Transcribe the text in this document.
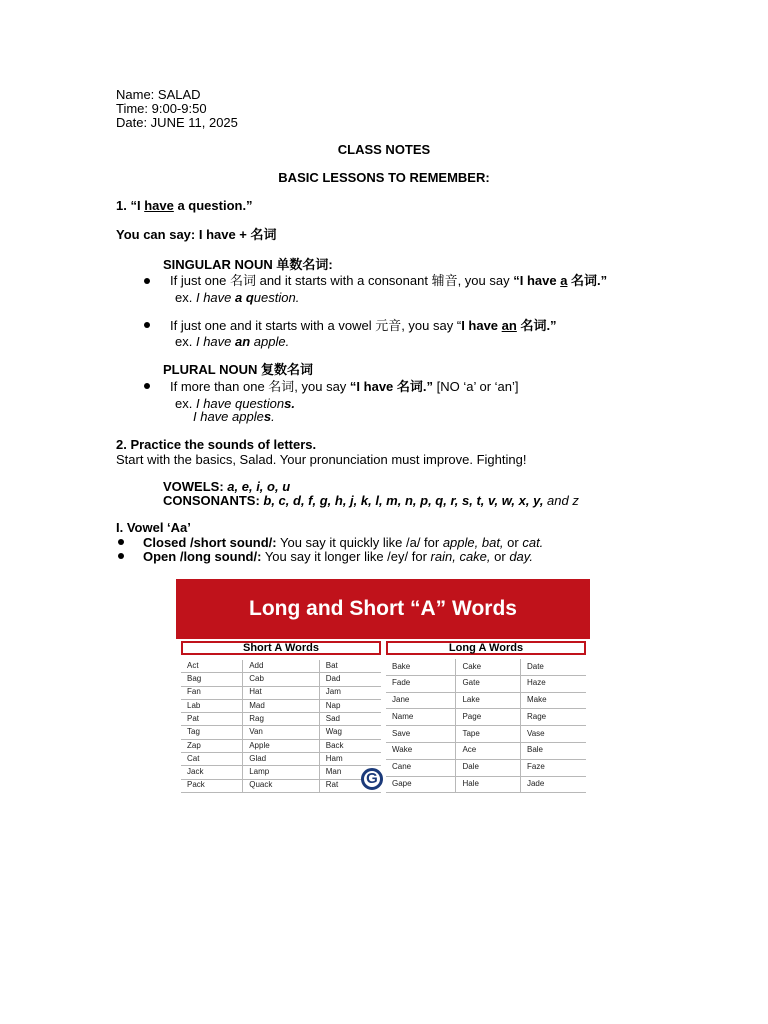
Name: SALAD
Time: 9:00-9:50
Date: JUNE 11, 2025
CLASS NOTES
BASIC LESSONS TO REMEMBER:
1. “I have a question.”
You can say: I have + 名词
SINGULAR NOUN 单数名词:
If just one 名词 and it starts with a consonant 辅音, you say “I have a 名词.”
ex. I have a question.
If just one and it starts with a vowel 元音, you say “I have an 名词.”
ex. I have an apple.
PLURAL NOUN 复数名词
If more than one 名词, you say “I have 名词.” [NO ‘a’ or ‘an’]
ex. I have questions.
I have apples.
2. Practice the sounds of letters.
Start with the basics, Salad. Your pronunciation must improve. Fighting!
VOWELS: a, e, i, o, u
CONSONANTS: b, c, d, f, g, h, j, k, l, m, n, p, q, r, s, t, v, w, x, y, and z
I. Vowel ‘Aa’
Closed /short sound/: You say it quickly like /a/ for apple, bat, or cat.
Open /long sound/: You say it longer like /ey/ for rain, cake, or day.
Long and Short “A” Words
Short A Words
Act	Add	Bat
Bag	Cab	Dad
Fan	Hat	Jam
Lab	Mad	Nap
Pat	Rag	Sad
Tag	Van	Wag
Zap	Apple	Back
Cat	Glad	Ham
Jack	Lamp	Man
Pack	Quack	Rat
Long A Words
Bake	Cake	Date
Fade	Gate	Haze
Jane	Lake	Make
Name	Page	Rage
Save	Tape	Vase
Wake	Ace	Bale
Cane	Dale	Faze
Gape	Hale	Jade
G
